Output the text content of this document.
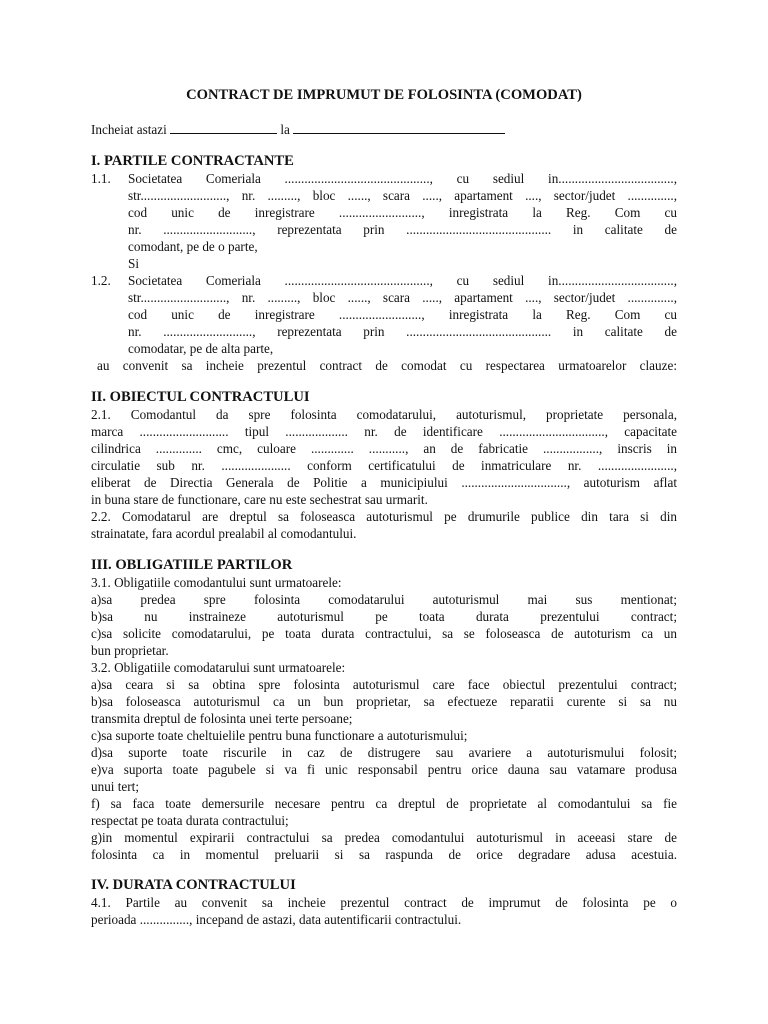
CONTRACT DE IMPRUMUT DE FOLOSINTA (COMODAT)
Incheiat astazi	la
I. PARTILE CONTRACTANTE
1.1. Societatea Comeriala ............................................, cu sediul in...................................,
str.........................., nr. ........., bloc ......, scara ....., apartament ...., sector/judet ..............,
cod unic de inregistrare ........................., inregistrata la Reg. Com cu
nr. ..........................., reprezentata prin ............................................ in calitate de
comodant, pe de o parte,
Si
1.2. Societatea Comeriala ............................................, cu sediul in...................................,
str.........................., nr. ........., bloc ......, scara ....., apartament ...., sector/judet ..............,
cod unic de inregistrare ........................., inregistrata la Reg. Com cu
nr. ..........................., reprezentata prin ............................................ in calitate de
comodatar, pe de alta parte,
au convenit sa incheie prezentul contract de comodat cu respectarea urmatoarelor clauze:
II. OBIECTUL CONTRACTULUI
2.1. Comodantul da spre folosinta comodatarului, autoturismul, proprietate personala,
marca ........................... tipul ................... nr. de identificare ................................, capacitate
cilindrica .............. cmc, culoare ............. ..........., an de fabricatie ................., inscris in
circulatie sub nr. ..................... conform certificatului de inmatriculare nr. .......................,
eliberat de Directia Generala de Politie a municipiului ................................, autoturism aflat
in buna stare de functionare, care nu este sechestrat sau urmarit.
2.2. Comodatarul are dreptul sa foloseasca autoturismul pe drumurile publice din tara si din
strainatate, fara acordul prealabil al comodantului.
III. OBLIGATIILE PARTILOR
3.1. Obligatiile comodantului sunt urmatoarele:
a)sa predea spre folosinta comodatarului autoturismul mai sus mentionat;
b)sa nu instraineze autoturismul pe toata durata prezentului contract;
c)sa solicite comodatarului, pe toata durata contractului, sa se foloseasca de autoturism ca un
bun proprietar.
3.2. Obligatiile comodatarului sunt urmatoarele:
a)sa ceara si sa obtina spre folosinta autoturismul care face obiectul prezentului contract;
b)sa foloseasca autoturismul ca un bun proprietar, sa efectueze reparatii curente si sa nu
transmita dreptul de folosinta unei terte persoane;
c)sa suporte toate cheltuielile pentru buna functionare a autoturismului;
d)sa suporte toate riscurile in caz de distrugere sau avariere a autoturismului folosit;
e)va suporta toate pagubele si va fi unic responsabil pentru orice dauna sau vatamare produsa
unui tert;
f) sa faca toate demersurile necesare pentru ca dreptul de proprietate al comodantului sa fie
respectat pe toata durata contractului;
g)in momentul expirarii contractului sa predea comodantului autoturismul in aceeasi stare de
folosinta ca in momentul preluarii si sa raspunda de orice degradare adusa acestuia.
IV. DURATA CONTRACTULUI
4.1. Partile au convenit sa incheie prezentul contract de imprumut de folosinta pe o
perioada ..............., incepand de astazi, data autentificarii contractului.
